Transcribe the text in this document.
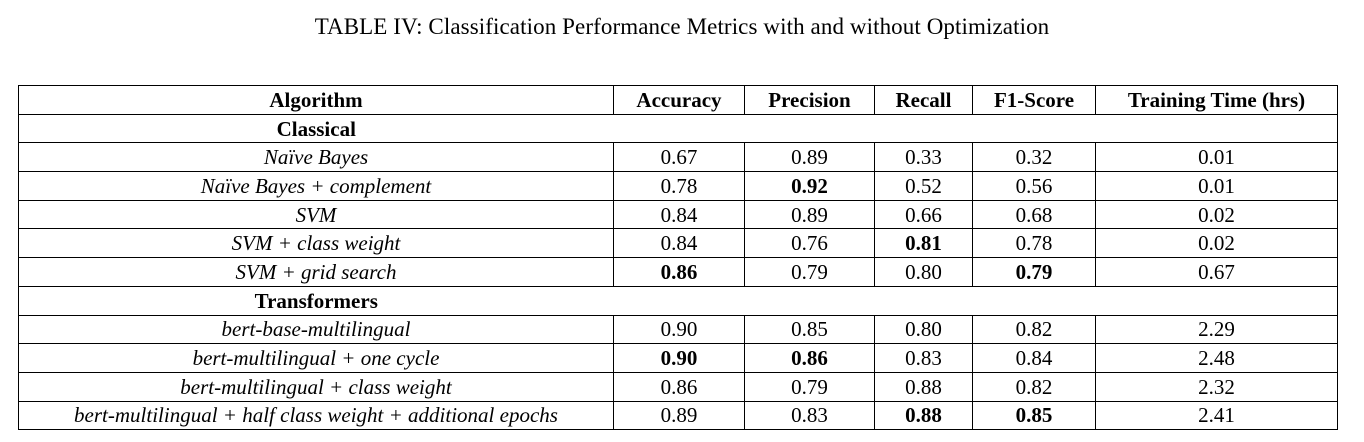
TABLE IV: Classification Performance Metrics with and without Optimization
Algorithm	Accuracy	Precision	Recall	F1-Score	Training Time (hrs)
Classical					
Naïve Bayes	0.67	0.89	0.33	0.32	0.01
Naïve Bayes + complement	0.78	0.92	0.52	0.56	0.01
SVM	0.84	0.89	0.66	0.68	0.02
SVM + class weight	0.84	0.76	0.81	0.78	0.02
SVM + grid search	0.86	0.79	0.80	0.79	0.67
Transformers					
bert-base-multilingual	0.90	0.85	0.80	0.82	2.29
bert-multilingual + one cycle	0.90	0.86	0.83	0.84	2.48
bert-multilingual + class weight	0.86	0.79	0.88	0.82	2.32
bert-multilingual + half class weight + additional epochs	0.89	0.83	0.88	0.85	2.41
